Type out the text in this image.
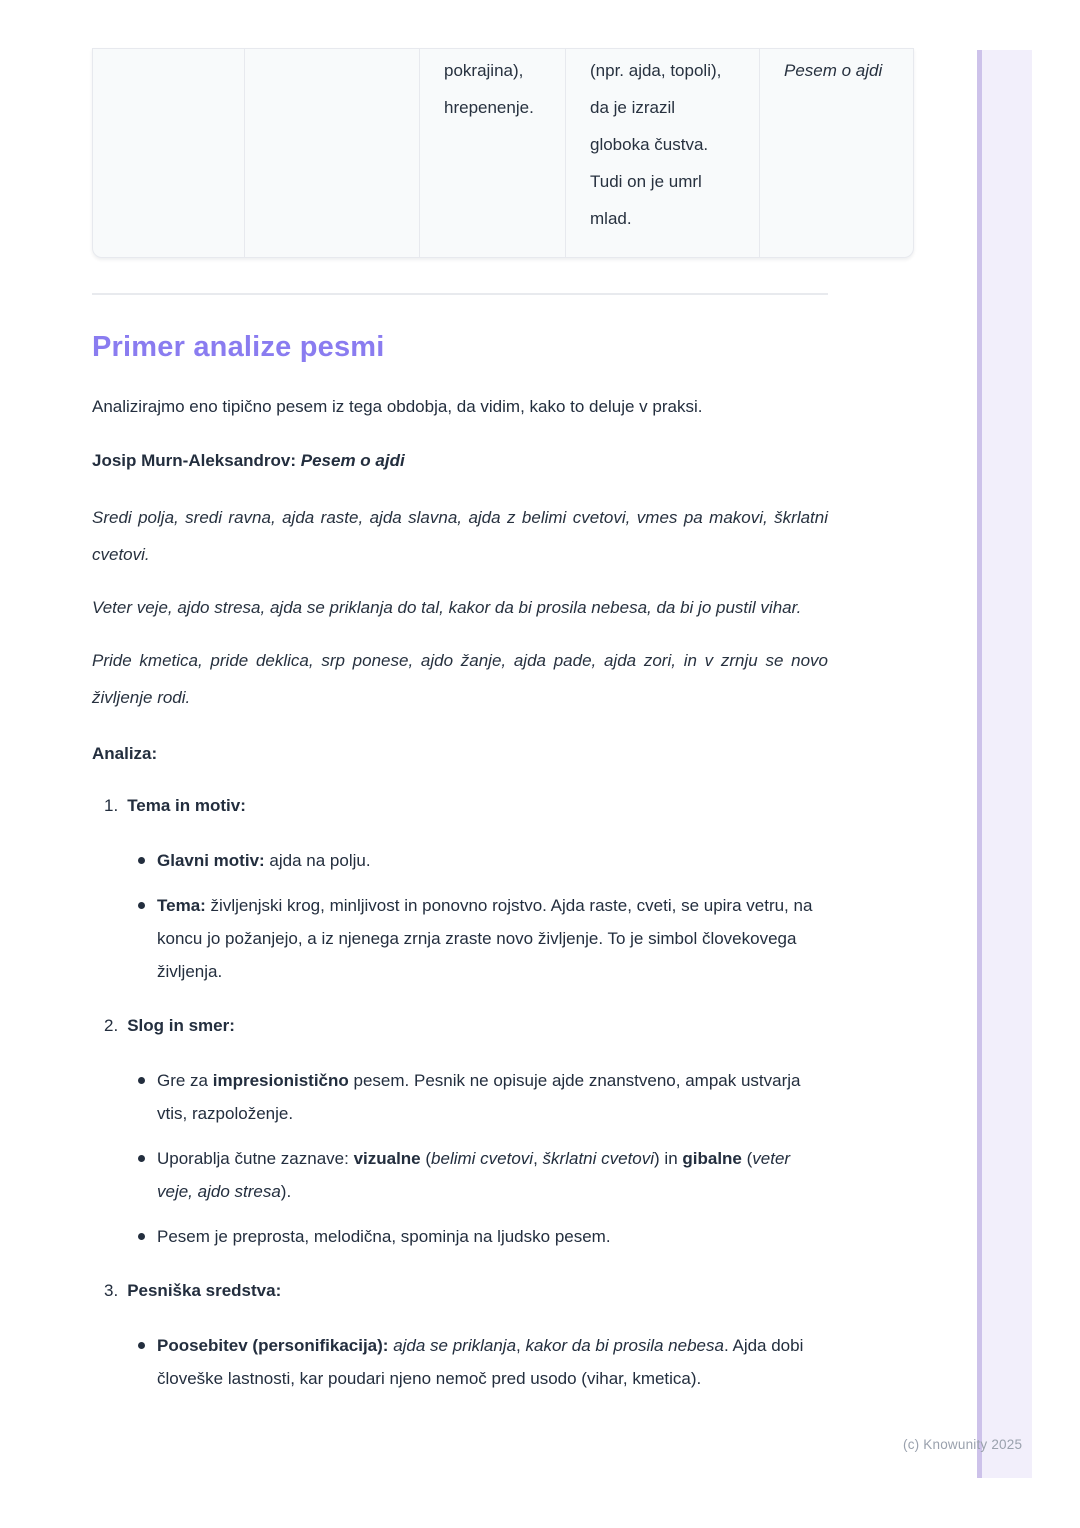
(c) Knowunity 2025
		pokrajina), hrepenenje.	(npr. ajda, topoli), da je izrazil globoka čustva. Tudi on je umrl mlad.	Pesem o ajdi
Primer analize pesmi

Analizirajmo eno tipično pesem iz tega obdobja, da vidim, kako to deluje v praksi.

Josip Murn-Aleksandrov: Pesem o ajdi

Sredi polja, sredi ravna, ajda raste, ajda slavna, ajda z belimi cvetovi, vmes pa makovi, škrlatni cvetovi.

Veter veje, ajdo stresa, ajda se priklanja do tal, kakor da bi prosila nebesa, da bi jo pustil vihar.

Pride kmetica, pride deklica, srp ponese, ajdo žanje, ajda pade, ajda zori, in v zrnju se novo življenje rodi.

Analiza:

1. Tema in motiv:
Glavni motiv: ajda na polju.
Tema: življenjski krog, minljivost in ponovno rojstvo. Ajda raste, cveti, se upira vetru, na koncu jo požanjejo, a iz njenega zrnja zraste novo življenje. To je simbol človekovega življenja.
2. Slog in smer:
Gre za impresionistično pesem. Pesnik ne opisuje ajde znanstveno, ampak ustvarja vtis, razpoloženje.
Uporablja čutne zaznave: vizualne (belimi cvetovi, škrlatni cvetovi) in gibalne (veter veje, ajdo stresa).
Pesem je preprosta, melodična, spominja na ljudsko pesem.
3. Pesniška sredstva:
Poosebitev (personifikacija): ajda se priklanja, kakor da bi prosila nebesa. Ajda dobi človeške lastnosti, kar poudari njeno nemoč pred usodo (vihar, kmetica).
